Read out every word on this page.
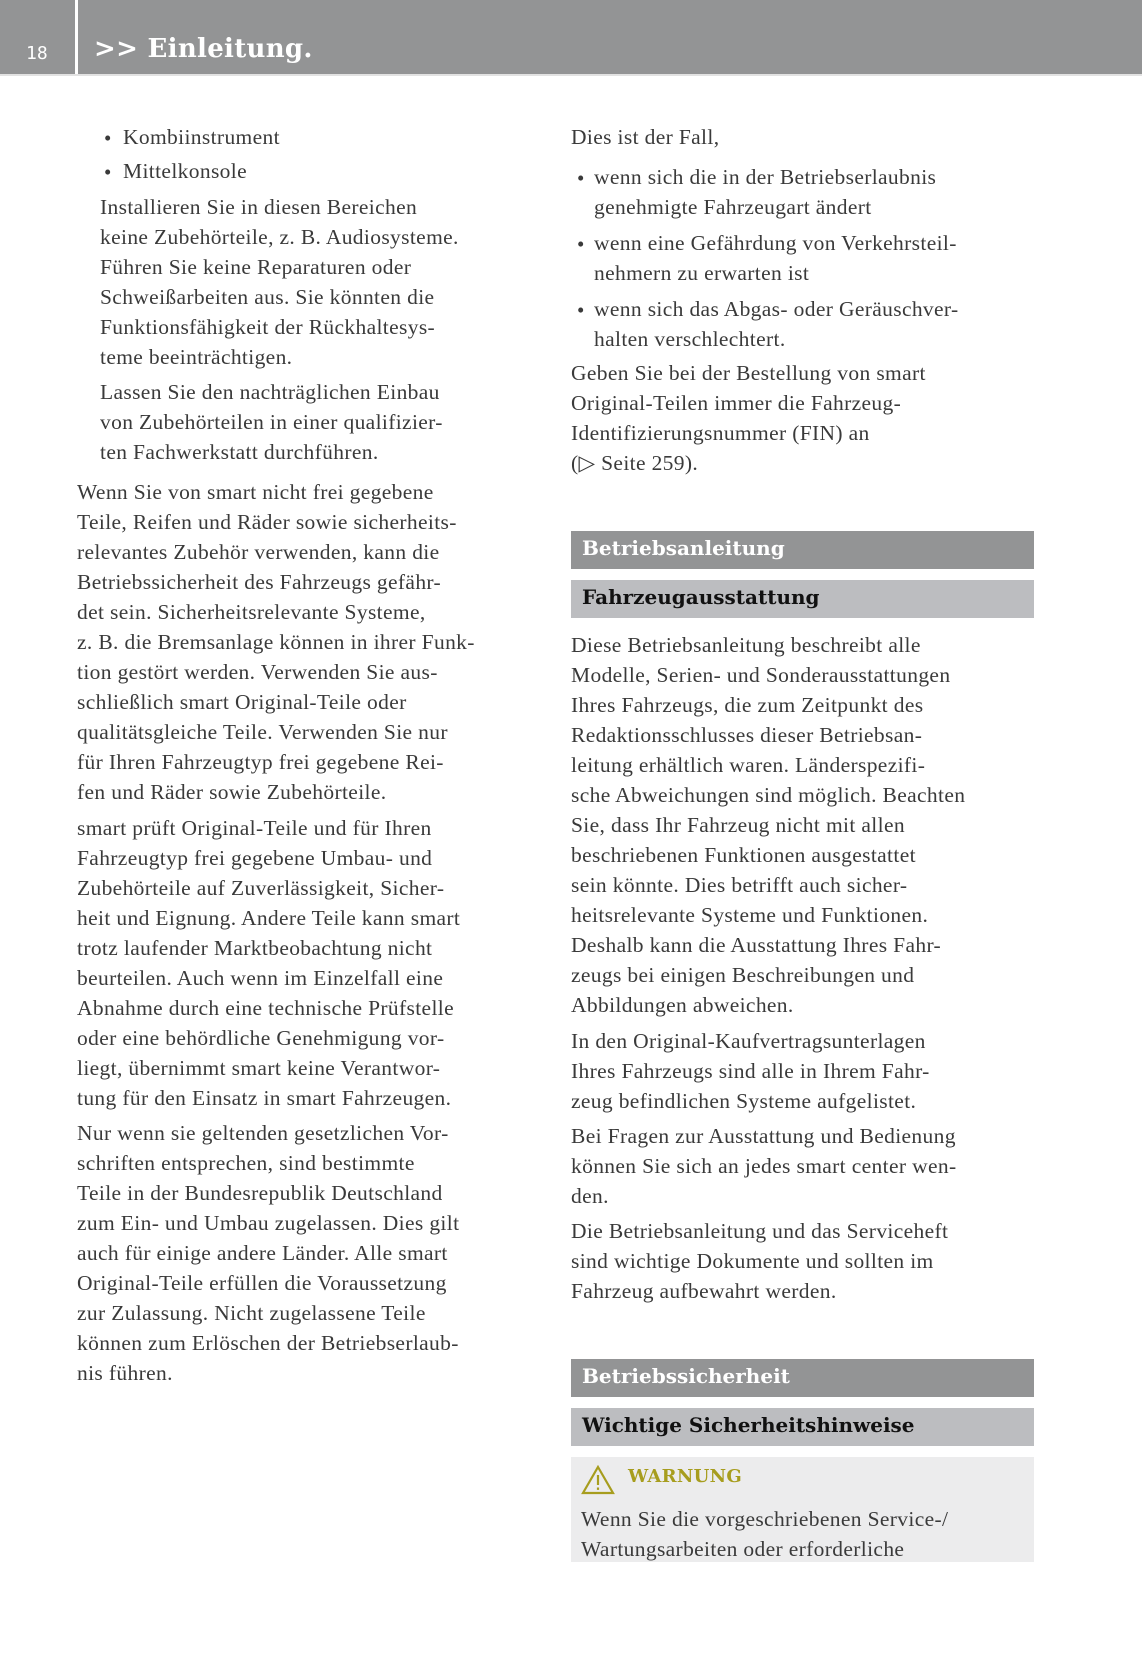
18 >> Einleitung.
• Kombiinstrument
• Mittelkonsole
Installieren Sie in diesen Bereichen
keine Zubehörteile, z. B. Audiosysteme.
Führen Sie keine Reparaturen oder
Schweißarbeiten aus. Sie könnten die
Funktionsfähigkeit der Rückhaltesys-
teme beeinträchtigen.
Lassen Sie den nachträglichen Einbau
von Zubehörteilen in einer qualifizier-
ten Fachwerkstatt durchführen.
Wenn Sie von smart nicht frei gegebene
Teile, Reifen und Räder sowie sicherheits-
relevantes Zubehör verwenden, kann die
Betriebssicherheit des Fahrzeugs gefähr-
det sein. Sicherheitsrelevante Systeme,
z. B. die Bremsanlage können in ihrer Funk-
tion gestört werden. Verwenden Sie aus-
schließlich smart Original-Teile oder
qualitätsgleiche Teile. Verwenden Sie nur
für Ihren Fahrzeugtyp frei gegebene Rei-
fen und Räder sowie Zubehörteile.
smart prüft Original-Teile und für Ihren
Fahrzeugtyp frei gegebene Umbau- und
Zubehörteile auf Zuverlässigkeit, Sicher-
heit und Eignung. Andere Teile kann smart
trotz laufender Marktbeobachtung nicht
beurteilen. Auch wenn im Einzelfall eine
Abnahme durch eine technische Prüfstelle
oder eine behördliche Genehmigung vor-
liegt, übernimmt smart keine Verantwor-
tung für den Einsatz in smart Fahrzeugen.
Nur wenn sie geltenden gesetzlichen Vor-
schriften entsprechen, sind bestimmte
Teile in der Bundesrepublik Deutschland
zum Ein- und Umbau zugelassen. Dies gilt
auch für einige andere Länder. Alle smart
Original-Teile erfüllen die Voraussetzung
zur Zulassung. Nicht zugelassene Teile
können zum Erlöschen der Betriebserlaub-
nis führen.
Dies ist der Fall,
• wenn sich die in der Betriebserlaubnis
genehmigte Fahrzeugart ändert
• wenn eine Gefährdung von Verkehrsteil-
nehmern zu erwarten ist
• wenn sich das Abgas- oder Geräuschver-
halten verschlechtert.
Geben Sie bei der Bestellung von smart
Original-Teilen immer die Fahrzeug-
Identifizierungsnummer (FIN) an
(▷ Seite 259).
Betriebsanleitung
Fahrzeugausstattung
Diese Betriebsanleitung beschreibt alle
Modelle, Serien- und Sonderausstattungen
Ihres Fahrzeugs, die zum Zeitpunkt des
Redaktionsschlusses dieser Betriebsan-
leitung erhältlich waren. Länderspezifi-
sche Abweichungen sind möglich. Beachten
Sie, dass Ihr Fahrzeug nicht mit allen
beschriebenen Funktionen ausgestattet
sein könnte. Dies betrifft auch sicher-
heitsrelevante Systeme und Funktionen.
Deshalb kann die Ausstattung Ihres Fahr-
zeugs bei einigen Beschreibungen und
Abbildungen abweichen.
In den Original-Kaufvertragsunterlagen
Ihres Fahrzeugs sind alle in Ihrem Fahr-
zeug befindlichen Systeme aufgelistet.
Bei Fragen zur Ausstattung und Bedienung
können Sie sich an jedes smart center wen-
den.
Die Betriebsanleitung und das Serviceheft
sind wichtige Dokumente und sollten im
Fahrzeug aufbewahrt werden.
Betriebssicherheit
Wichtige Sicherheitshinweise
WARNUNG
Wenn Sie die vorgeschriebenen Service-/
Wartungsarbeiten oder erforderliche
